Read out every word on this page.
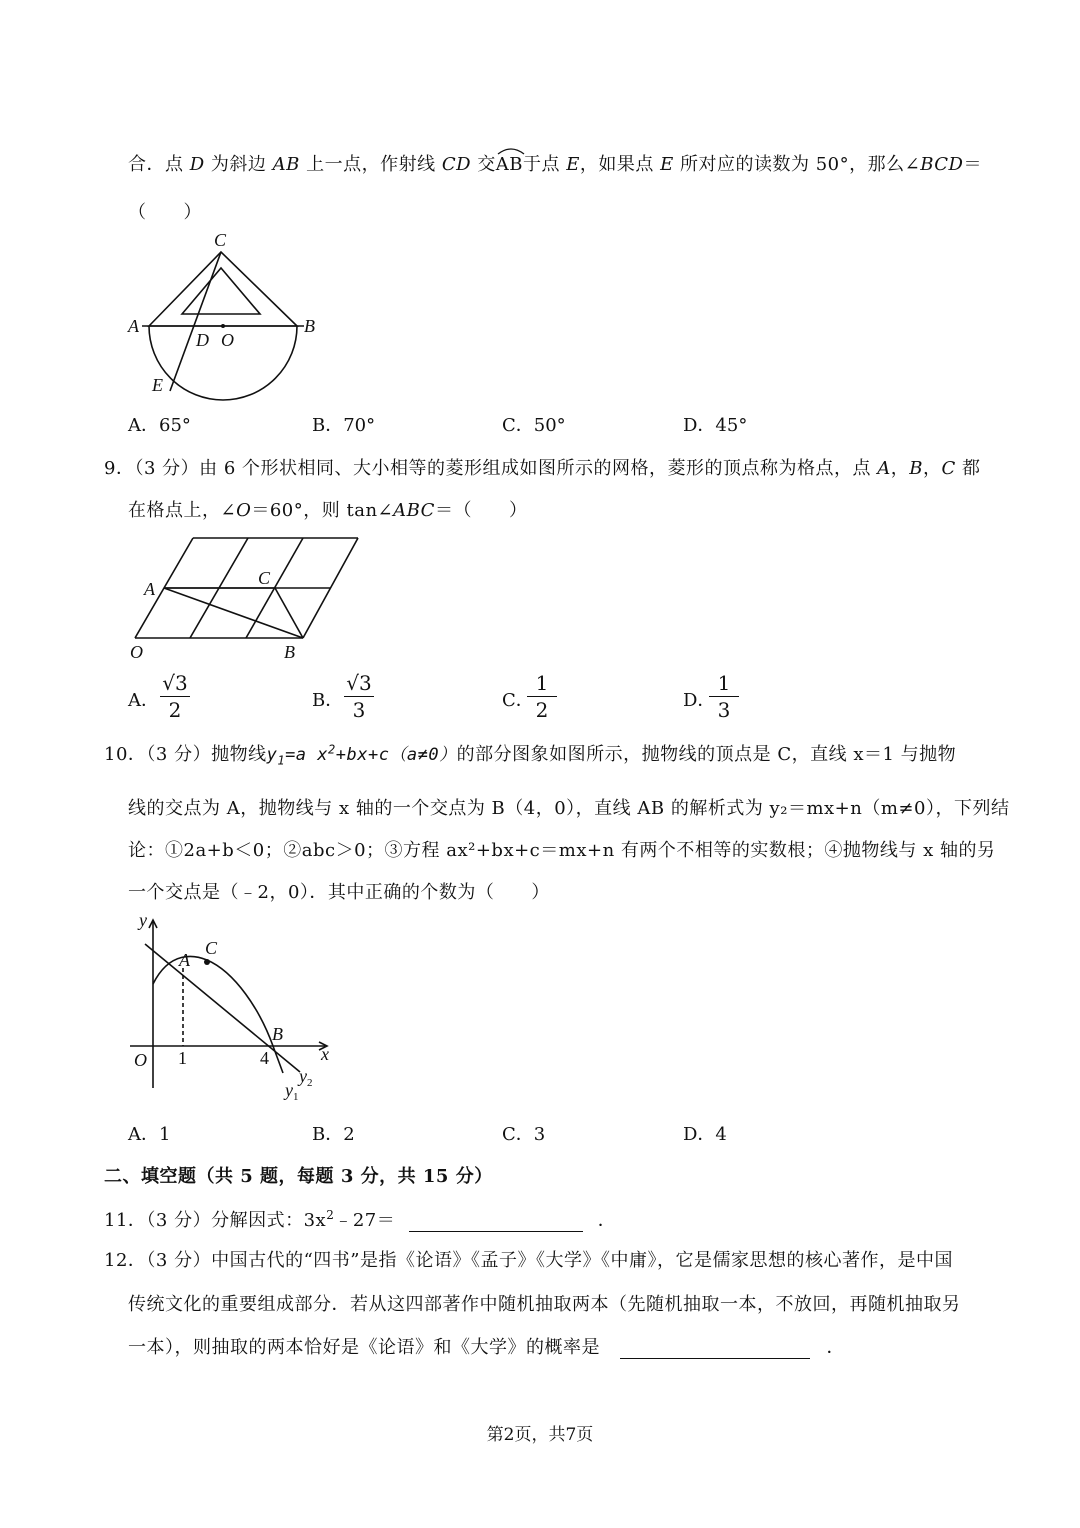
合．点 D 为斜边 AB 上一点，作射线 CD 交
AB于点 E，如果点 E 所对应的读数为 50°，那么∠BCD＝
（　　）
C
A	B
D O
E
A．65°	B．70°	C．50°	D．45°
9．（3 分）由 6 个形状相同、大小相等的菱形组成如图所示的网格，菱形的顶点称为格点，点 A，B，C 都
在格点上，∠O＝60°，则 tan∠ABC＝（　　）
A
C
O	B
A．
√3
2	B．
√3
3	C．
1
2	D．
1
3
10．（3 分）抛物线$y_1=a$ $x^2+bx+c(a\ne 0)$的部分图象如图所示，抛物线的顶点是 C，直线 x＝1 与抛物
线的交点为 A，抛物线与 x 轴的一个交点为 B（4，0），直线 AB 的解析式为 y₂＝mx+n（m≠0），下列结
论：①2a+b＜0；②abc＞0；③方程 ax²+bx+c＝mx+n 有两个不相等的实数根；④抛物线与 x 轴的另
一个交点是（﹣2，0）．其中正确的个数为（　　）
y
x
O
A
C
B
1	4
$y_2$
$y_1$
A．1	B．2	C．3	D．4
二、填空题（共 5 题，每题 3 分，共 15 分）
11．（3 分）分解因式：$3x^2﹣27=$	．
12．（3 分）中国古代的“四书”是指《论语》《孟子》《大学》《中庸》，它是儒家思想的核心著作，是中国
传统文化的重要组成部分．若从这四部著作中随机抽取两本（先随机抽取一本，不放回，再随机抽取另
一本），则抽取的两本恰好是《论语》和《大学》的概率是	．
第2页，共7页
